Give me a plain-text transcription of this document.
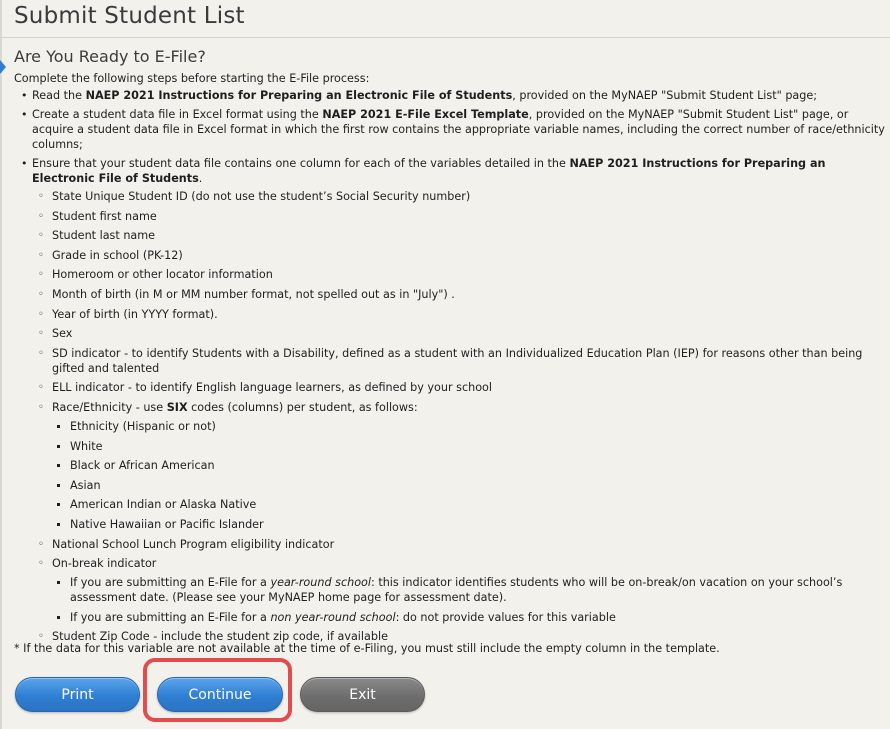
Submit Student List
Are You Ready to E-File?
Complete the following steps before starting the E-File process:
• Read the NAEP 2021 Instructions for Preparing an Electronic File of Students, provided on the MyNAEP "Submit Student List" page;
• Create a student data file in Excel format using the NAEP 2021 E-File Excel Template, provided on the MyNAEP "Submit Student List" page, or acquire a student data file in Excel format in which the first row contains the appropriate variable names, including the correct number of race/ethnicity columns;
• Ensure that your student data file contains one column for each of the variables detailed in the NAEP 2021 Instructions for Preparing an Electronic File of Students.
◦ State Unique Student ID (do not use the student’s Social Security number)
◦ Student first name
◦ Student last name
◦ Grade in school (PK-12)
◦ Homeroom or other locator information
◦ Month of birth (in M or MM number format, not spelled out as in "July") .
◦ Year of birth (in YYYY format).
◦ Sex
◦ SD indicator - to identify Students with a Disability, defined as a student with an Individualized Education Plan (IEP) for reasons other than being gifted and talented
◦ ELL indicator - to identify English language learners, as defined by your school
◦ Race/Ethnicity - use SIX codes (columns) per student, as follows:
Ethnicity (Hispanic or not)
White
Black or African American
Asian
American Indian or Alaska Native
Native Hawaiian or Pacific Islander
◦ National School Lunch Program eligibility indicator
◦ On-break indicator
If you are submitting an E-File for a year-round school: this indicator identifies students who will be on-break/on vacation on your school’s assessment date. (Please see your MyNAEP home page for assessment date).
If you are submitting an E-File for a non year-round school: do not provide values for this variable
◦ Student Zip Code - include the student zip code, if available
* If the data for this variable are not available at the time of e-Filing, you must still include the empty column in the template.
Print	Continue	Exit
